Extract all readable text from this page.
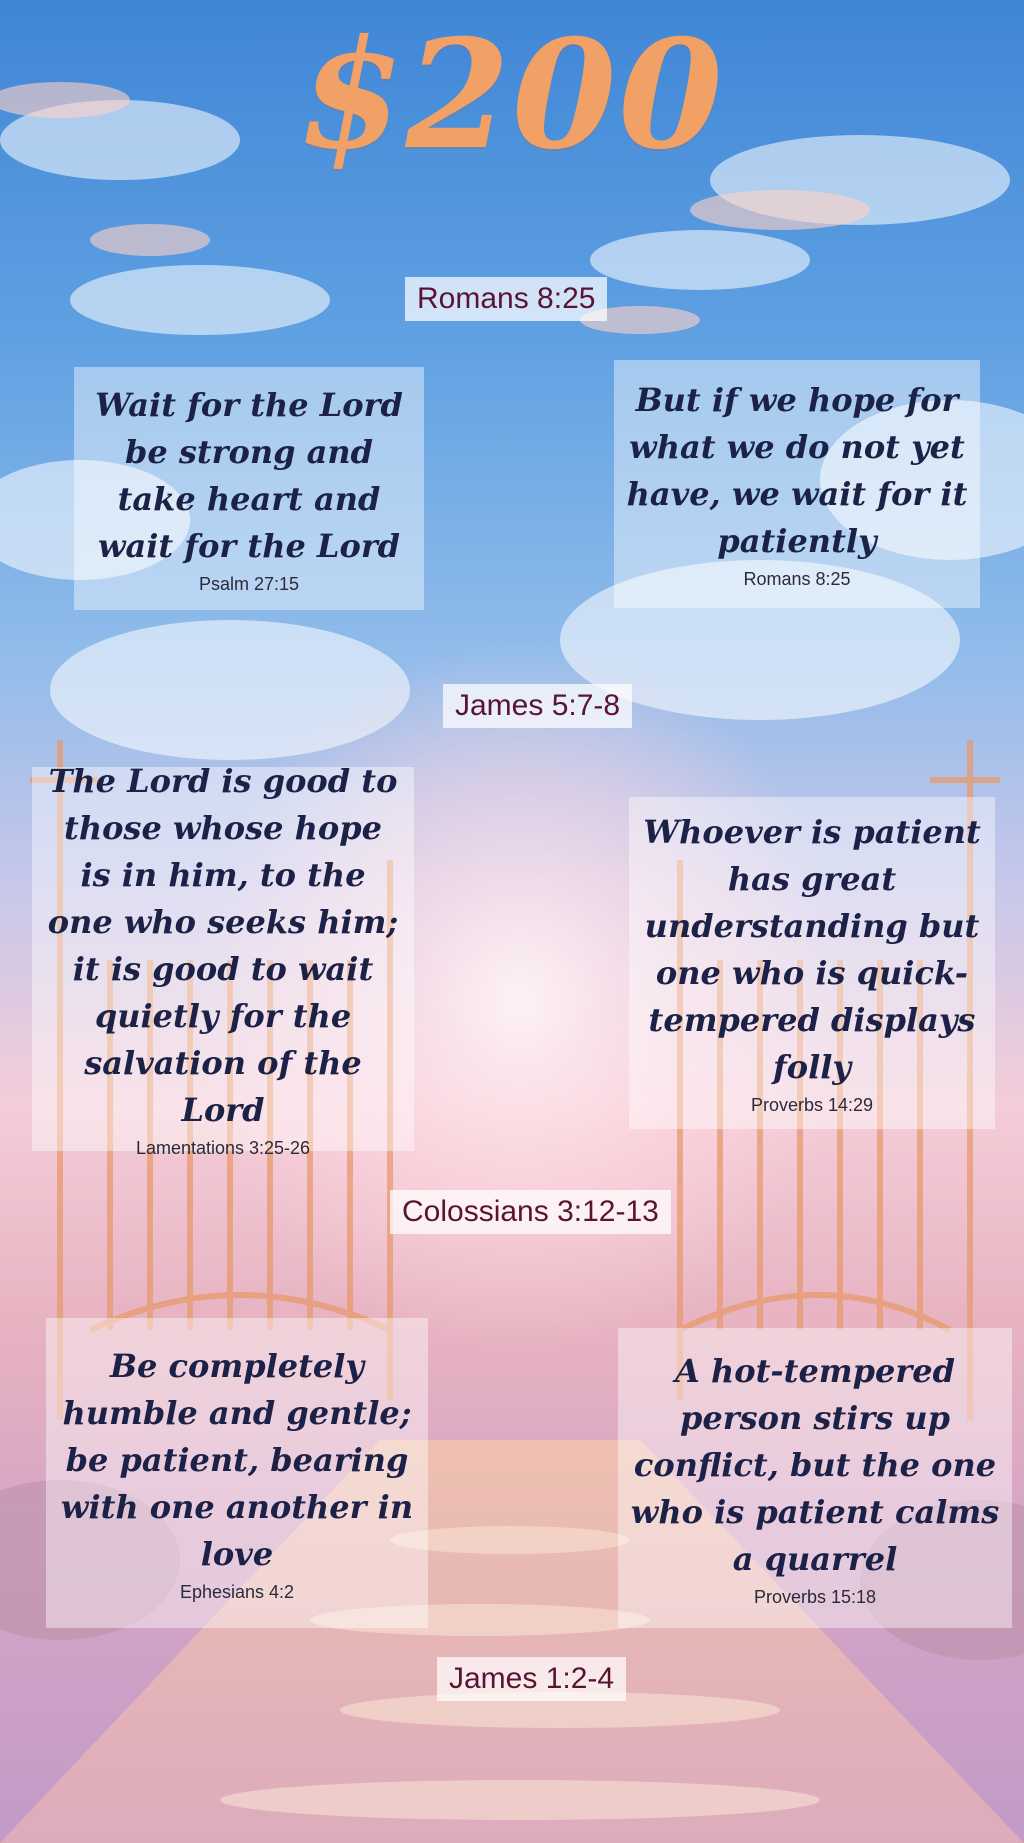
$200
Romans 8:25
James 5:7-8
Colossians 3:12-13
James 1:2-4
Wait for the Lord be strong and take heart and wait for the Lord
Psalm 27:15
But if we hope for what we do not yet have, we wait for it patiently
Romans 8:25
The Lord is good to those whose hope is in him, to the one who seeks him; it is good to wait quietly for the salvation of the Lord
Lamentations 3:25-26
Whoever is patient has great understanding but one who is quick-tempered displays folly
Proverbs 14:29
Be completely humble and gentle; be patient, bearing with one another in love
Ephesians 4:2
A hot-tempered person stirs up conflict, but the one who is patient calms a quarrel
Proverbs 15:18
